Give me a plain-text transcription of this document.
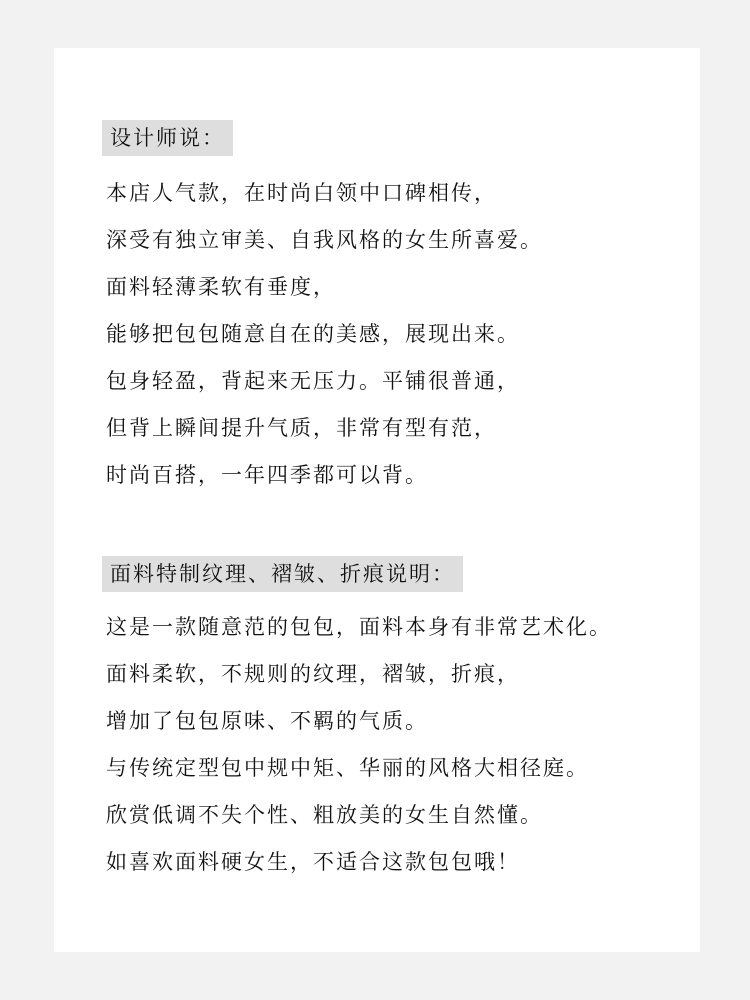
设计师说：

本店人气款，在时尚白领中口碑相传，

深受有独立审美、自我风格的女生所喜爱。

面料轻薄柔软有垂度，

能够把包包随意自在的美感，展现出来。

包身轻盈，背起来无压力。平铺很普通，

但背上瞬间提升气质，非常有型有范，

时尚百搭，一年四季都可以背。

面料特制纹理、褶皱、折痕说明：

这是一款随意范的包包，面料本身有非常艺术化。

面料柔软，不规则的纹理，褶皱，折痕，

增加了包包原味、不羁的气质。

与传统定型包中规中矩、华丽的风格大相径庭。

欣赏低调不失个性、粗放美的女生自然懂。

如喜欢面料硬女生，不适合这款包包哦！
